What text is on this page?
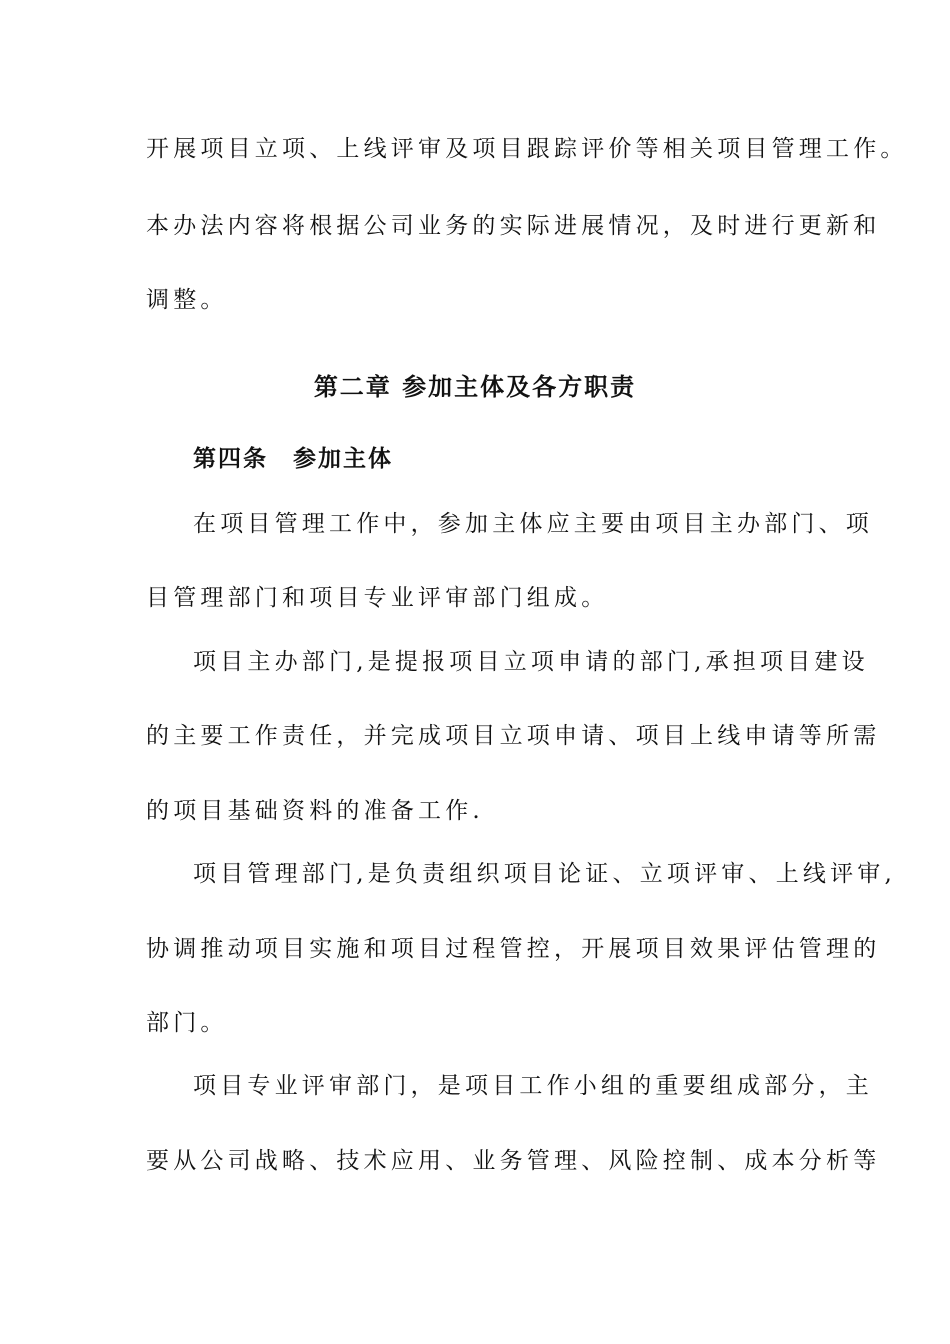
开展项目立项、上线评审及项目跟踪评价等相关项目管理工作。
本办法内容将根据公司业务的实际进展情况，及时进行更新和
调整。
第二章 参加主体及各方职责
第四条　参加主体
在项目管理工作中，参加主体应主要由项目主办部门、项
目管理部门和项目专业评审部门组成。
项目主办部门,是提报项目立项申请的部门,承担项目建设
的主要工作责任，并完成项目立项申请、项目上线申请等所需
的项目基础资料的准备工作.
项目管理部门,是负责组织项目论证、立项评审、上线评审,
协调推动项目实施和项目过程管控，开展项目效果评估管理的
部门。
项目专业评审部门，是项目工作小组的重要组成部分，主
要从公司战略、技术应用、业务管理、风险控制、成本分析等
